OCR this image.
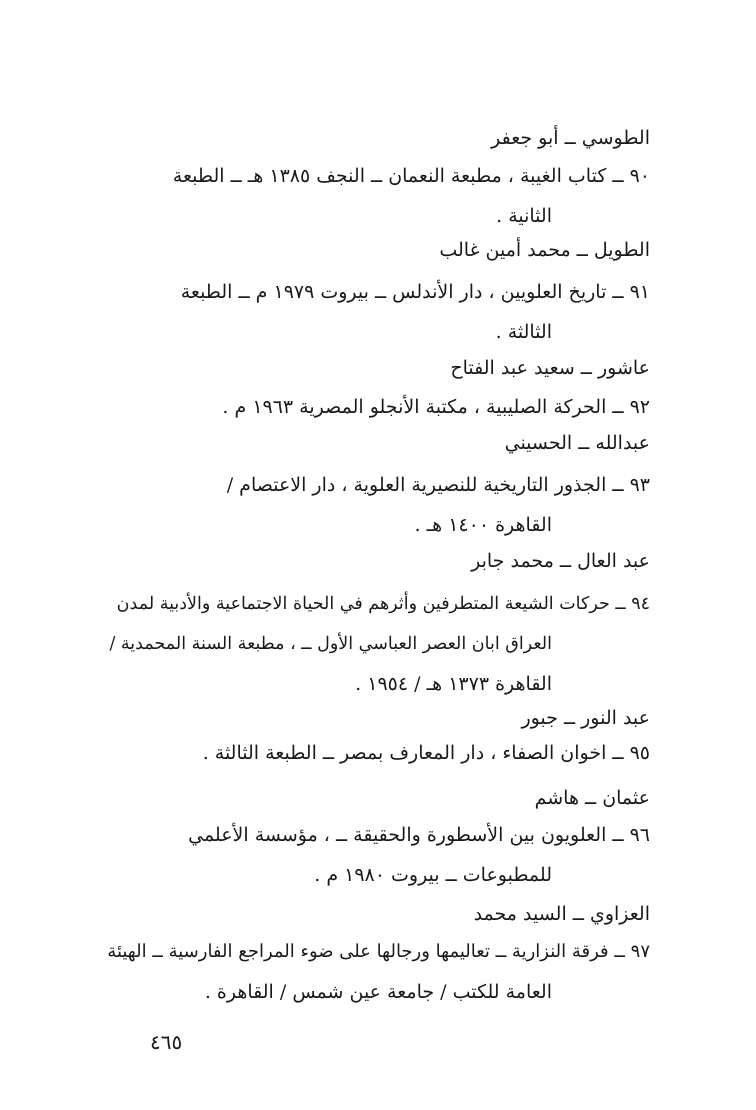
الطوسي ــ أبو جعفر
٩٠ ــ كتاب الغيبة ، مطبعة النعمان ــ النجف ١٣٨٥ هـ ــ الطبعة
الثانية .
الطويل ــ محمد أمين غالب
٩١ ــ تاريخ العلويين ، دار الأندلس ــ بيروت ١٩٧٩ م ــ الطبعة
الثالثة .
عاشور ــ سعيد عبد الفتاح
٩٢ ــ الحركة الصليبية ، مكتبة الأنجلو المصرية ١٩٦٣ م .
عبدالله ــ الحسيني
٩٣ ــ الجذور التاريخية للنصيرية العلوية ، دار الاعتصام /
القاهرة ١٤٠٠ هـ .
عبد العال ــ محمد جابر
٩٤ ــ حركات الشيعة المتطرفين وأثرهم في الحياة الاجتماعية والأدبية لمدن
العراق ابان العصر العباسي الأول ــ ، مطبعة السنة المحمدية /
القاهرة ١٣٧٣ هـ / ١٩٥٤ .
عبد النور ــ جبور
٩٥ ــ اخوان الصفاء ، دار المعارف بمصر ــ الطبعة الثالثة .
عثمان ــ هاشم
٩٦ ــ العلويون بين الأسطورة والحقيقة ــ ، مؤسسة الأعلمي
للمطبوعات ــ بيروت ١٩٨٠ م .
العزاوي ــ السيد محمد
٩٧ ــ فرقة النزارية ــ تعاليمها ورجالها على ضوء المراجع الفارسية ــ الهيئة
العامة للكتب / جامعة عين شمس / القاهرة .
٤٦٥
